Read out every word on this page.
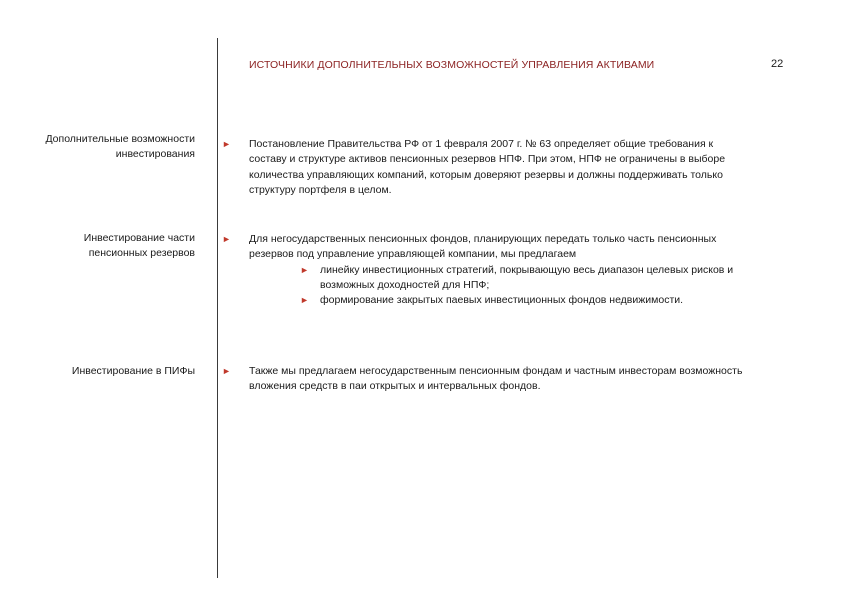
ИСТОЧНИКИ ДОПОЛНИТЕЛЬНЫХ ВОЗМОЖНОСТЕЙ УПРАВЛЕНИЯ АКТИВАМИ	22
Дополнительные возможности инвестирования
► Постановление Правительства РФ от 1 февраля 2007 г. № 63 определяет общие требования к составу и структуре активов пенсионных резервов НПФ. При этом, НПФ не ограничены в выборе количества управляющих компаний, которым доверяют резервы и должны поддерживать только структуру портфеля в целом.
Инвестирование части пенсионных резервов
► Для негосударственных пенсионных фондов, планирующих передать только часть пенсионных резервов под управление управляющей компании, мы предлагаем
► линейку инвестиционных стратегий, покрывающую весь диапазон целевых рисков и возможных доходностей для НПФ;
► формирование закрытых паевых инвестиционных фондов недвижимости.
Инвестирование в ПИФы	► Также мы предлагаем негосударственным пенсионным фондам и частным инвесторам возможность вложения средств в паи открытых и интервальных фондов.
